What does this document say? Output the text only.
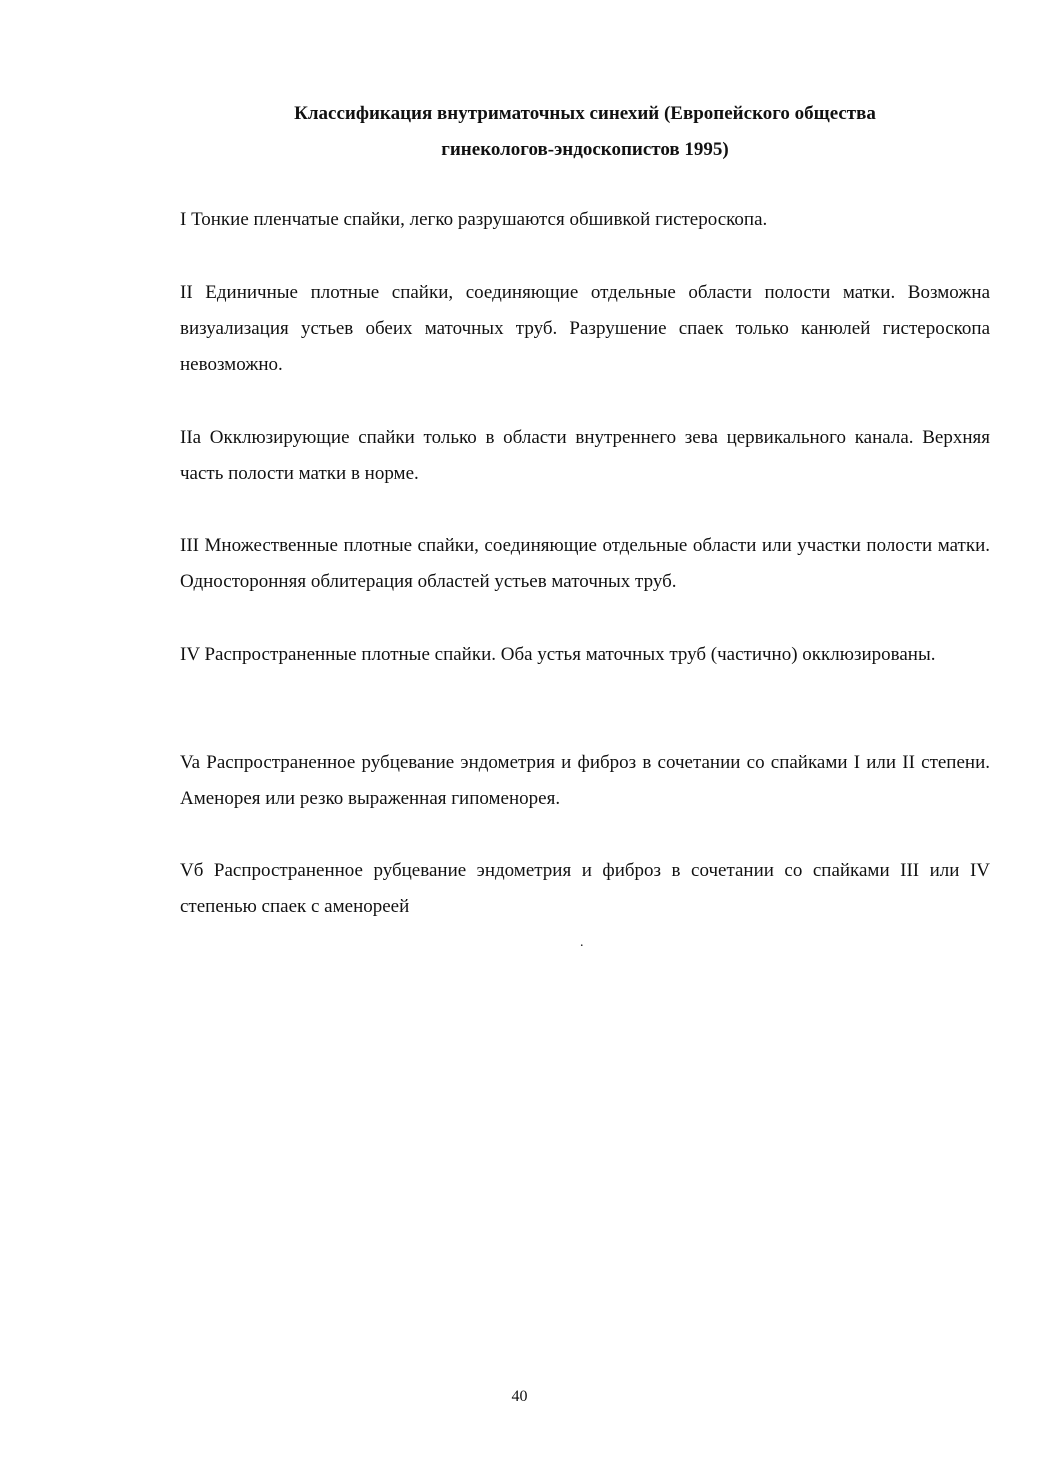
Классификация внутриматочных синехий (Европейского общества
гинекологов-эндоскопистов 1995)
I Тонкие пленчатые спайки, легко разрушаются обшивкой гистероскопа.
II Единичные плотные спайки, соединяющие отдельные области полости матки. Возможна визуализация устьев обеих маточных труб. Разрушение спаек только канюлей гистероскопа невозможно.
IIa Окклюзирующие спайки только в области внутреннего зева цервикального канала. Верхняя часть полости матки в норме.
III Множественные плотные спайки, соединяющие отдельные области или участки полости матки. Односторонняя облитерация областей устьев маточных труб.
IV Распространенные плотные спайки. Оба устья маточных труб (частично) окклюзированы.
Va Распространенное рубцевание эндометрия и фиброз в сочетании со спайками I или II степени. Аменорея или резко выраженная гипоменорея.
Vб Распространенное рубцевание эндометрия и фиброз в сочетании со спайками III или IV степенью спаек с аменореей
.
40
